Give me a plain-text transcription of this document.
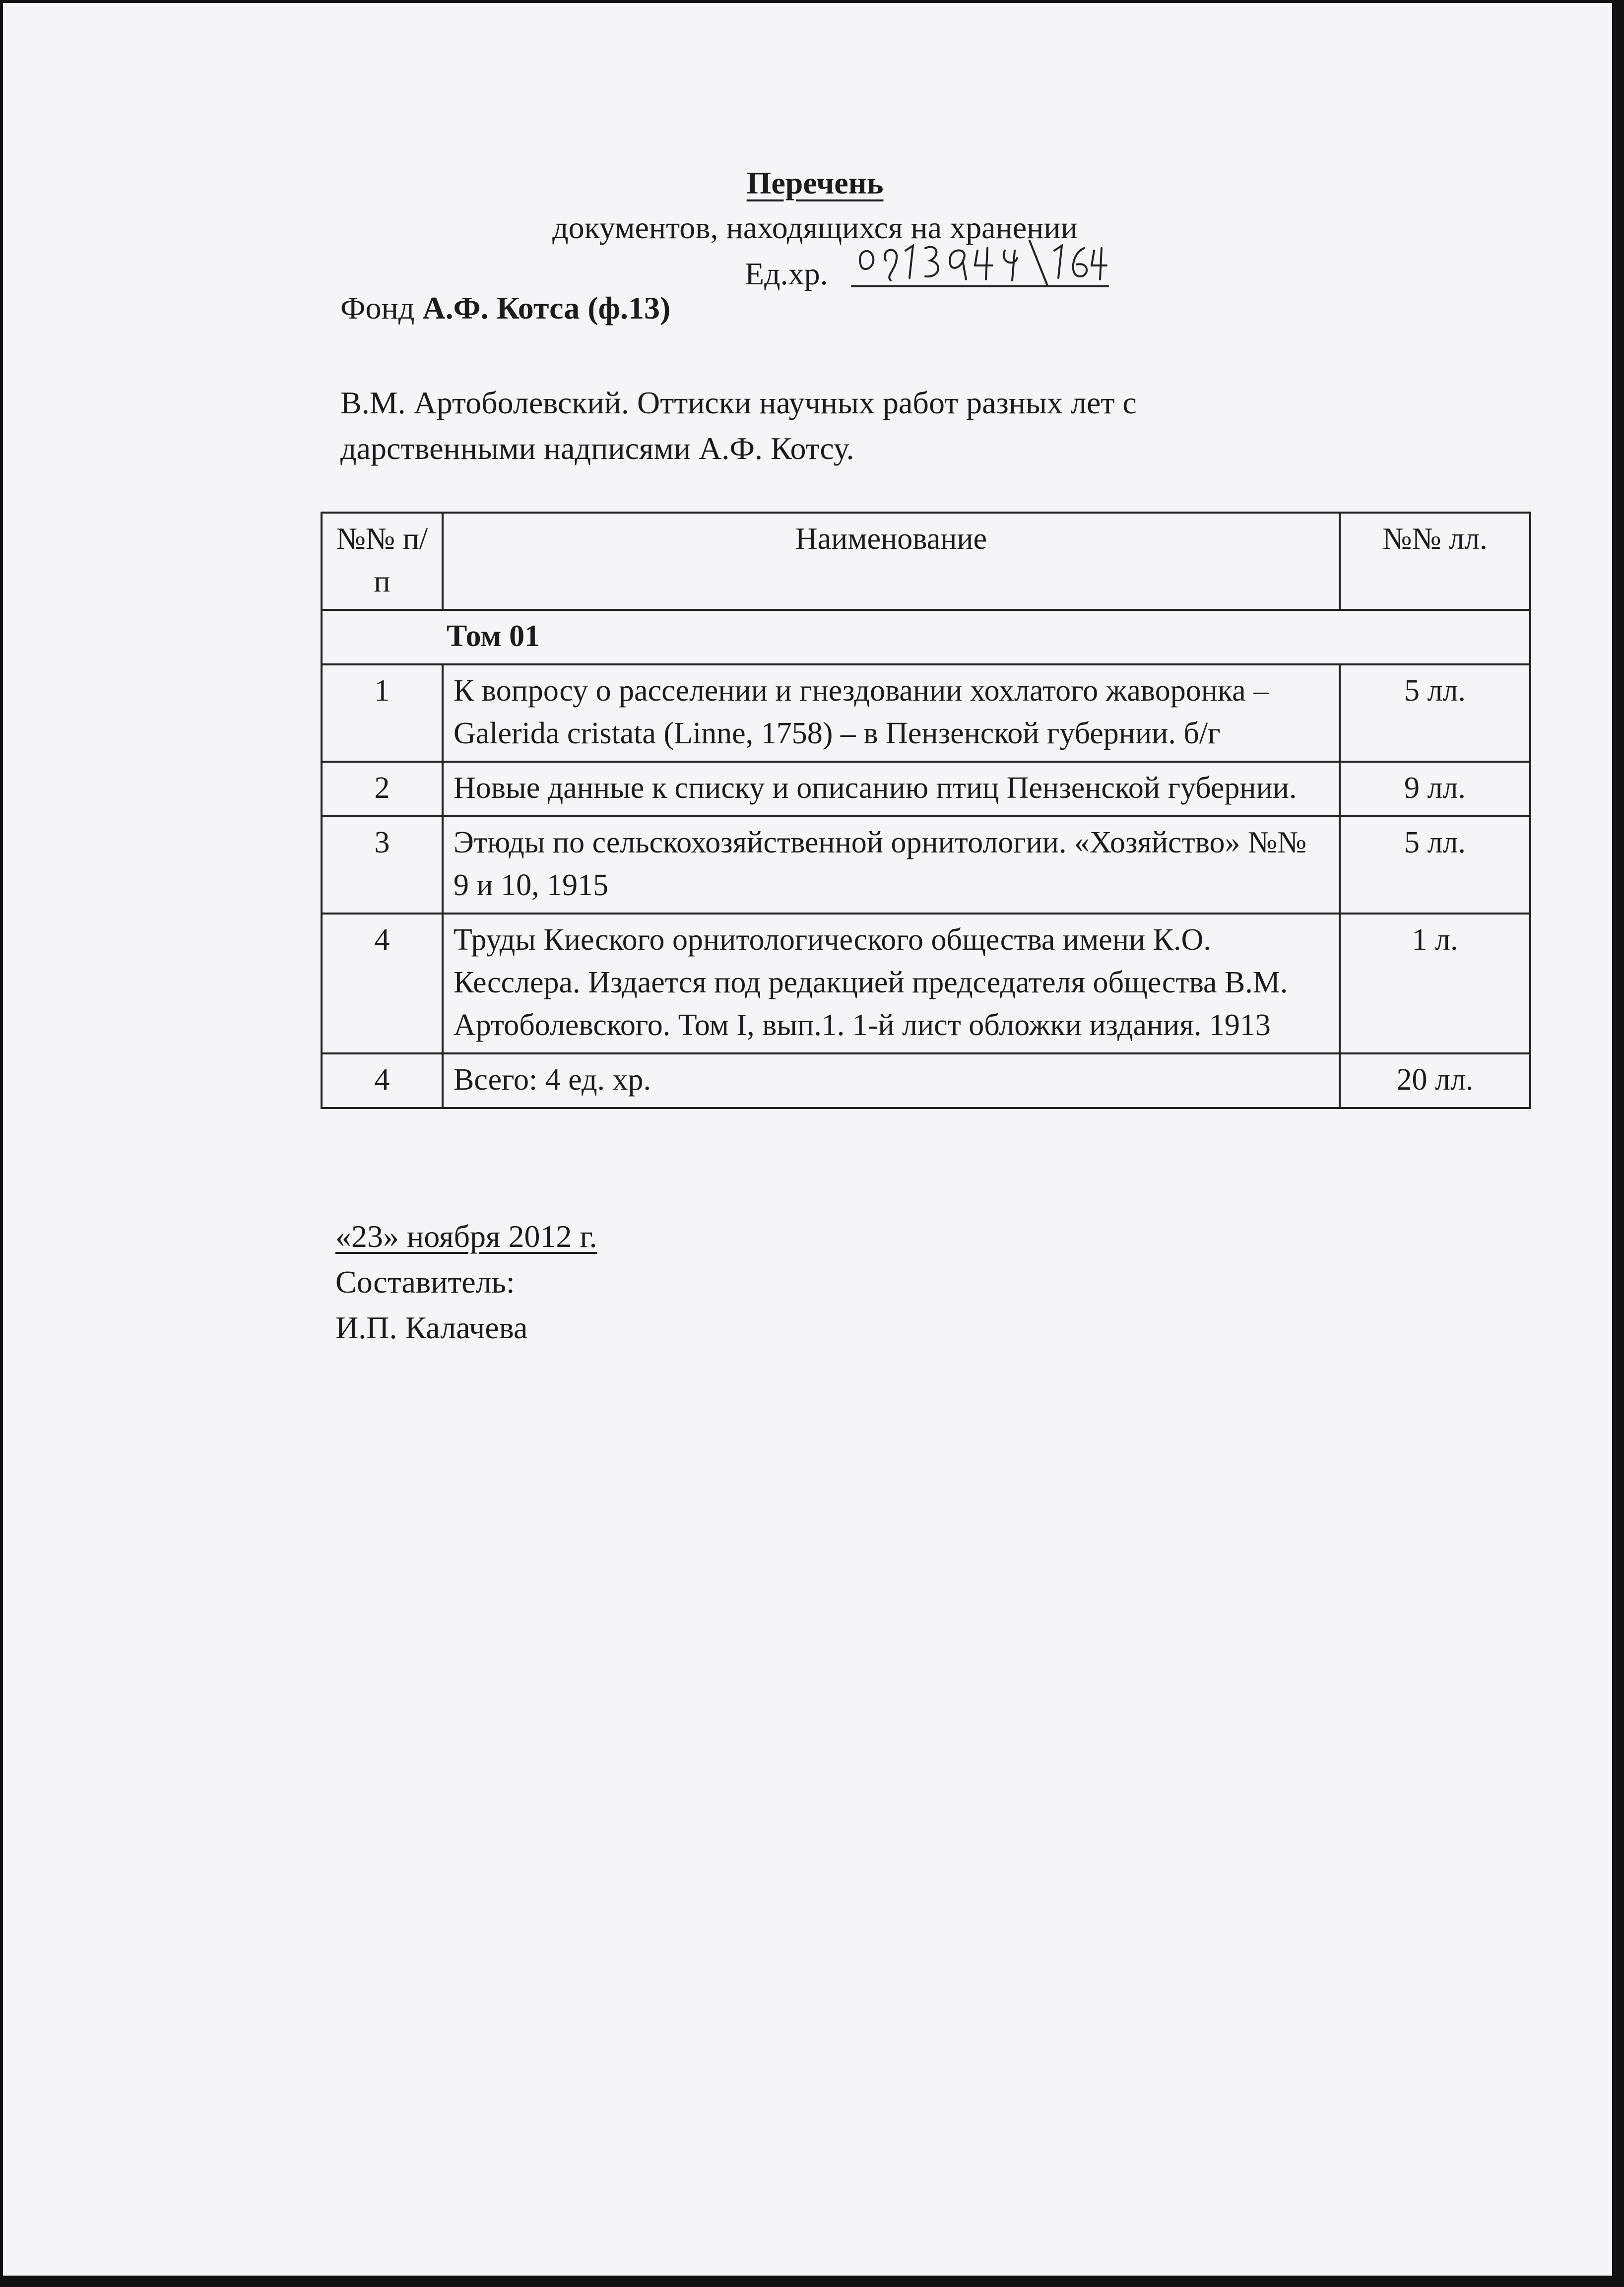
Перечень
документов, находящихся на хранении
Ед.хр.
Фонд А.Ф. Котса (ф.13)
В.М. Артоболевский. Оттиски научных работ разных лет с дарственными надписями А.Ф. Котсу.
№№ п/п	Наименование	№№ лл.
Том 01		
1	К вопросу о расселении и гнездовании хохлатого жаворонка – Galerida cristata (Linne, 1758) – в Пензенской губернии. б/г	5 лл.
2	Новые данные к списку и описанию птиц Пензенской губернии.	9 лл.
3	Этюды по сельскохозяйственной орнитологии. «Хозяйство» №№ 9 и 10, 1915	5 лл.
4	Труды Киеского орнитологического общества имени К.О. Кесслера. Издается под редакцией председателя общества В.М. Артоболевского. Том I, вып.1. 1-й лист обложки издания. 1913	1 л.
4	Всего: 4 ед. хр.	20 лл.
«23» ноября 2012 г.
Составитель:
И.П. Калачева
